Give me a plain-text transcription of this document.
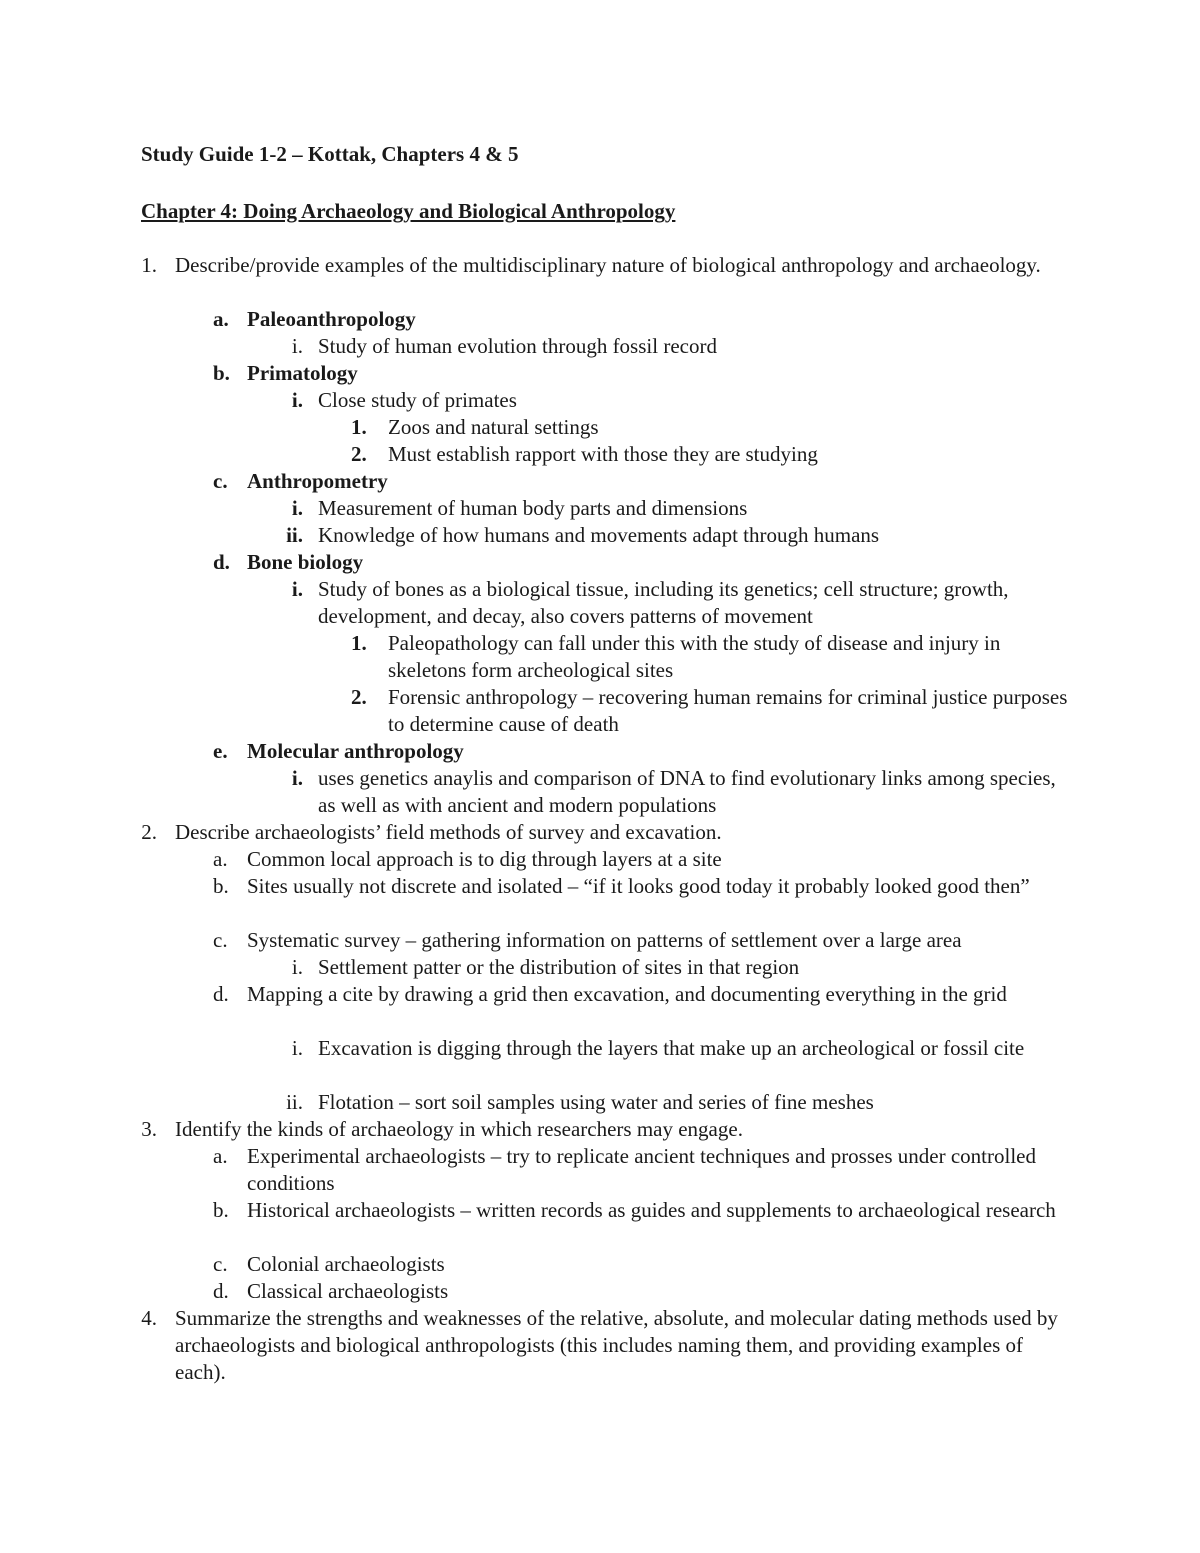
Study Guide 1-2 – Kottak, Chapters 4 & 5
Chapter 4: Doing Archaeology and Biological Anthropology
1. Describe/provide examples of the multidisciplinary nature of biological anthropology and archaeology.
a. Paleoanthropology
i. Study of human evolution through fossil record
b. Primatology
i. Close study of primates
1. Zoos and natural settings
2. Must establish rapport with those they are studying
c. Anthropometry
i. Measurement of human body parts and dimensions
ii. Knowledge of how humans and movements adapt through humans
d. Bone biology
i. Study of bones as a biological tissue, including its genetics; cell structure; growth, development, and decay, also covers patterns of movement
1. Paleopathology can fall under this with the study of disease and injury in skeletons form archeological sites
2. Forensic anthropology – recovering human remains for criminal justice purposes to determine cause of death
e. Molecular anthropology
i. uses genetics anaylis and comparison of DNA to find evolutionary links among species, as well as with ancient and modern populations
2. Describe archaeologists’ field methods of survey and excavation.
a. Common local approach is to dig through layers at a site
b. Sites usually not discrete and isolated – “if it looks good today it probably looked good then”
c. Systematic survey – gathering information on patterns of settlement over a large area
i. Settlement patter or the distribution of sites in that region
d. Mapping a cite by drawing a grid then excavation, and documenting everything in the grid
i. Excavation is digging through the layers that make up an archeological or fossil cite
ii. Flotation – sort soil samples using water and series of fine meshes
3. Identify the kinds of archaeology in which researchers may engage.
a. Experimental archaeologists – try to replicate ancient techniques and prosses under controlled conditions
b. Historical archaeologists – written records as guides and supplements to archaeological research
c. Colonial archaeologists
d. Classical archaeologists
4. Summarize the strengths and weaknesses of the relative, absolute, and molecular dating methods used by archaeologists and biological anthropologists (this includes naming them, and providing examples of each).
